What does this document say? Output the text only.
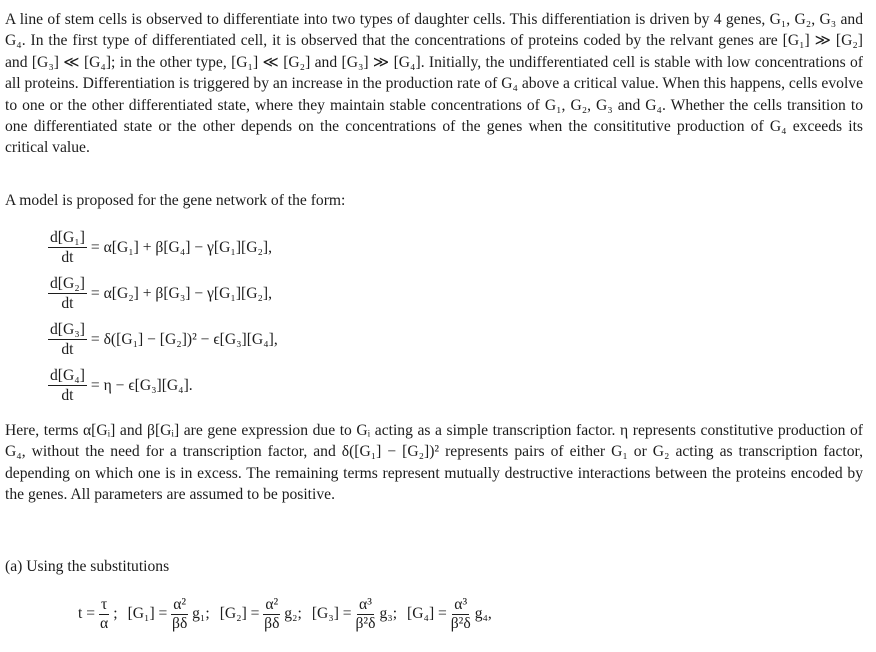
A line of stem cells is observed to differentiate into two types of daughter cells. This differentiation is driven by 4 genes, G₁, G₂, G₃ and G₄. In the first type of differentiated cell, it is observed that the concentrations of proteins coded by the relvant genes are [G₁] ≫ [G₂] and [G₃] ≪ [G₄]; in the other type, [G₁] ≪ [G₂] and [G₃] ≫ [G₄]. Initially, the undifferentiated cell is stable with low concentrations of all proteins. Differentiation is triggered by an increase in the production rate of G₄ above a critical value. When this happens, cells evolve to one or the other differentiated state, where they maintain stable concentrations of G₁, G₂, G₃ and G₄. Whether the cells transition to one differentiated state or the other depends on the concentrations of the genes when the consititutive production of G₄ exceeds its critical value.
A model is proposed for the gene network of the form:
$\frac{\text{d[G₁]}}{dt} = \alpha[G_1] + \beta[G_4] - \gamma[G_1][G_2]$,
$\frac{\text{d[G₂]}}{dt} = \alpha[G_2] + \beta[G_3] - \gamma[G_1][G_2]$,
$\frac{\text{d[G₃]}}{dt} = \delta([G_1] - [G_2])^2 - \epsilon[G_3][G_4]$,
$\frac{\text{d[G₄]}}{dt} = \eta - \epsilon[G_3][G_4]$.
Here, terms α[Gᵢ] and β[Gᵢ] are gene expression due to Gᵢ acting as a simple transcription factor. η represents constitutive production of G₄, without the need for a transcription factor, and δ([G₁] − [G₂])² represents pairs of either G₁ or G₂ acting as transcription factor, depending on which one is in excess. The remaining terms represent mutually destructive interactions between the proteins encoded by the genes. All parameters are assumed to be positive.
(a) Using the substitutions
t =
$\frac{\tau}{\alpha}$ ; [G₁] =
$\frac{\text{α²}}{\beta\delta} g_1$; [G₂] =
$\frac{\text{α²}}{\beta\delta} g_2$; [G₃] =
$\frac{\text{α³}}{\text{β²δ}} g_3$; [G₄] =
$\frac{\text{α³}}{\text{β²δ}} g_4$,
